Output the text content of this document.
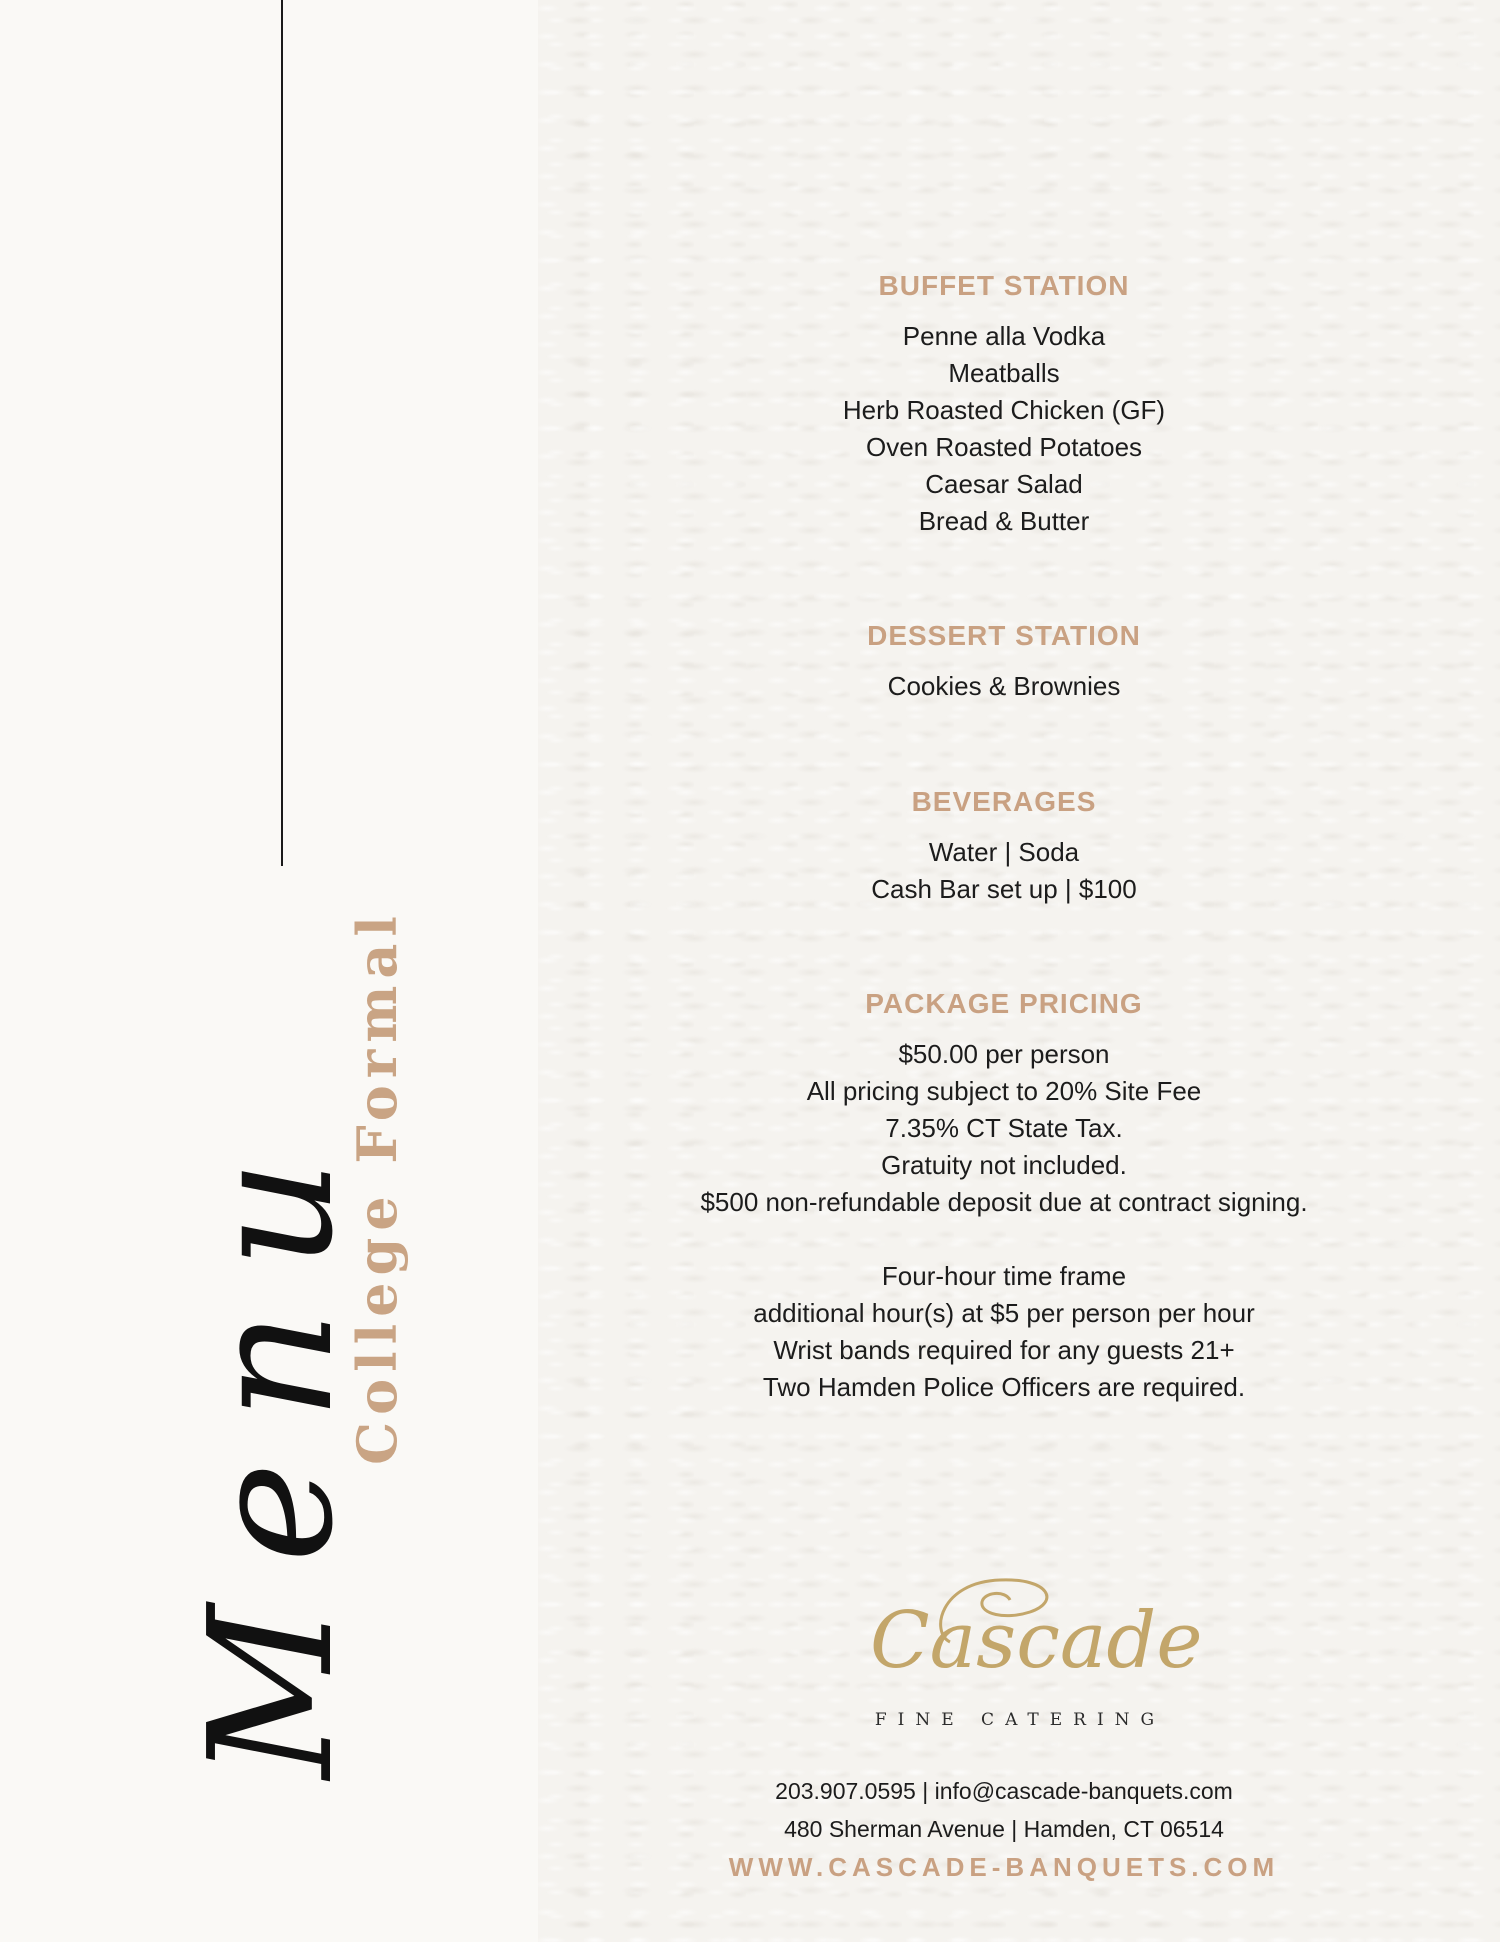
Menu
College Formal
BUFFET STATION
Penne alla Vodka
Meatballs
Herb Roasted Chicken (GF)
Oven Roasted Potatoes
Caesar Salad
Bread & Butter
DESSERT STATION
Cookies & Brownies
BEVERAGES
Water | Soda
Cash Bar set up | $100
PACKAGE PRICING
$50.00 per person
All pricing subject to 20% Site Fee
7.35% CT State Tax.
Gratuity not included.
$500 non-refundable deposit due at contract signing.
Four-hour time frame
additional hour(s) at $5 per person per hour
Wrist bands required for any guests 21+
Two Hamden Police Officers are required.
Cascade
FINE CATERING
203.907.0595 | info@cascade-banquets.com
480 Sherman Avenue | Hamden, CT 06514
WWW.CASCADE-BANQUETS.COM
